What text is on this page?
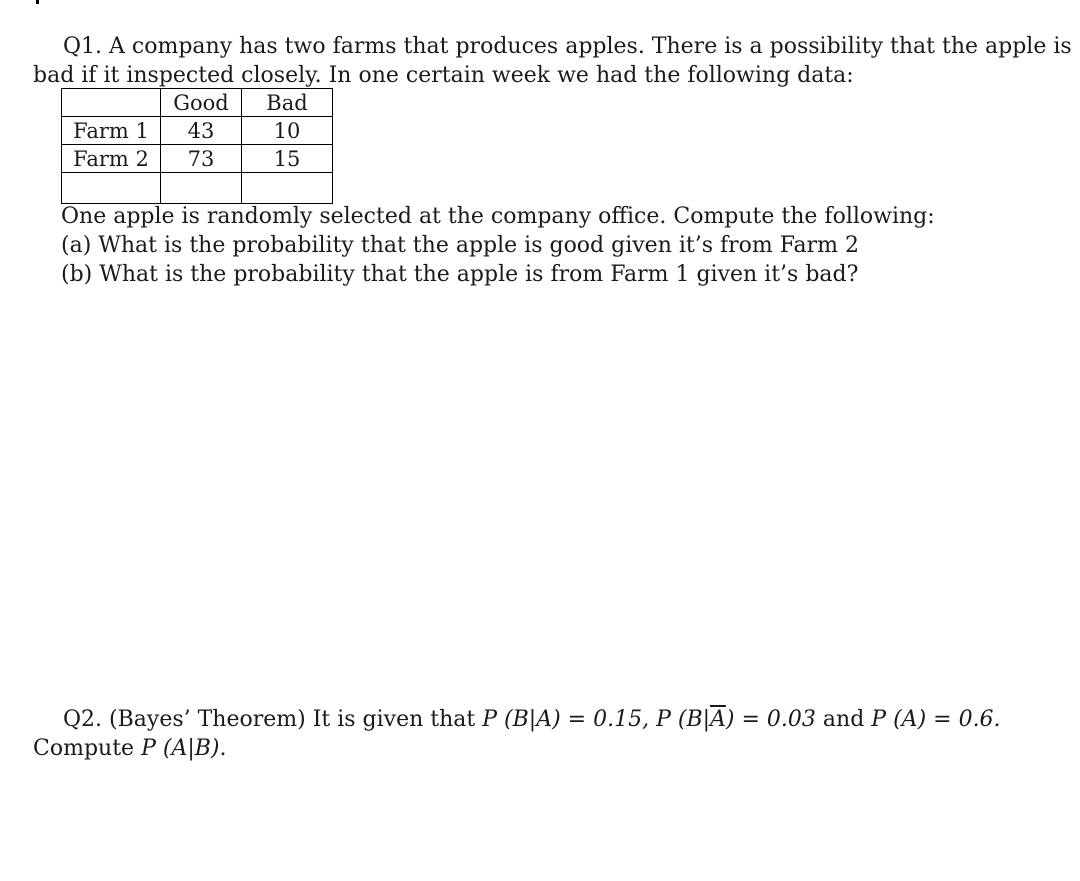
Q1. A company has two farms that produces apples. There is a possibility that the apple is
bad if it inspected closely. In one certain week we had the following data:
	Good	Bad
Farm 1	43	10
Farm 2	73	15

One apple is randomly selected at the company office. Compute the following:
(a) What is the probability that the apple is good given it’s from Farm 2
(b) What is the probability that the apple is from Farm 1 given it’s bad?
Q2. (Bayes’ Theorem) It is given that P (B|A) = 0.15, P $(B|\overline{A}) = 0.03$ and P (A) = 0.6.
Compute P (A|B).
